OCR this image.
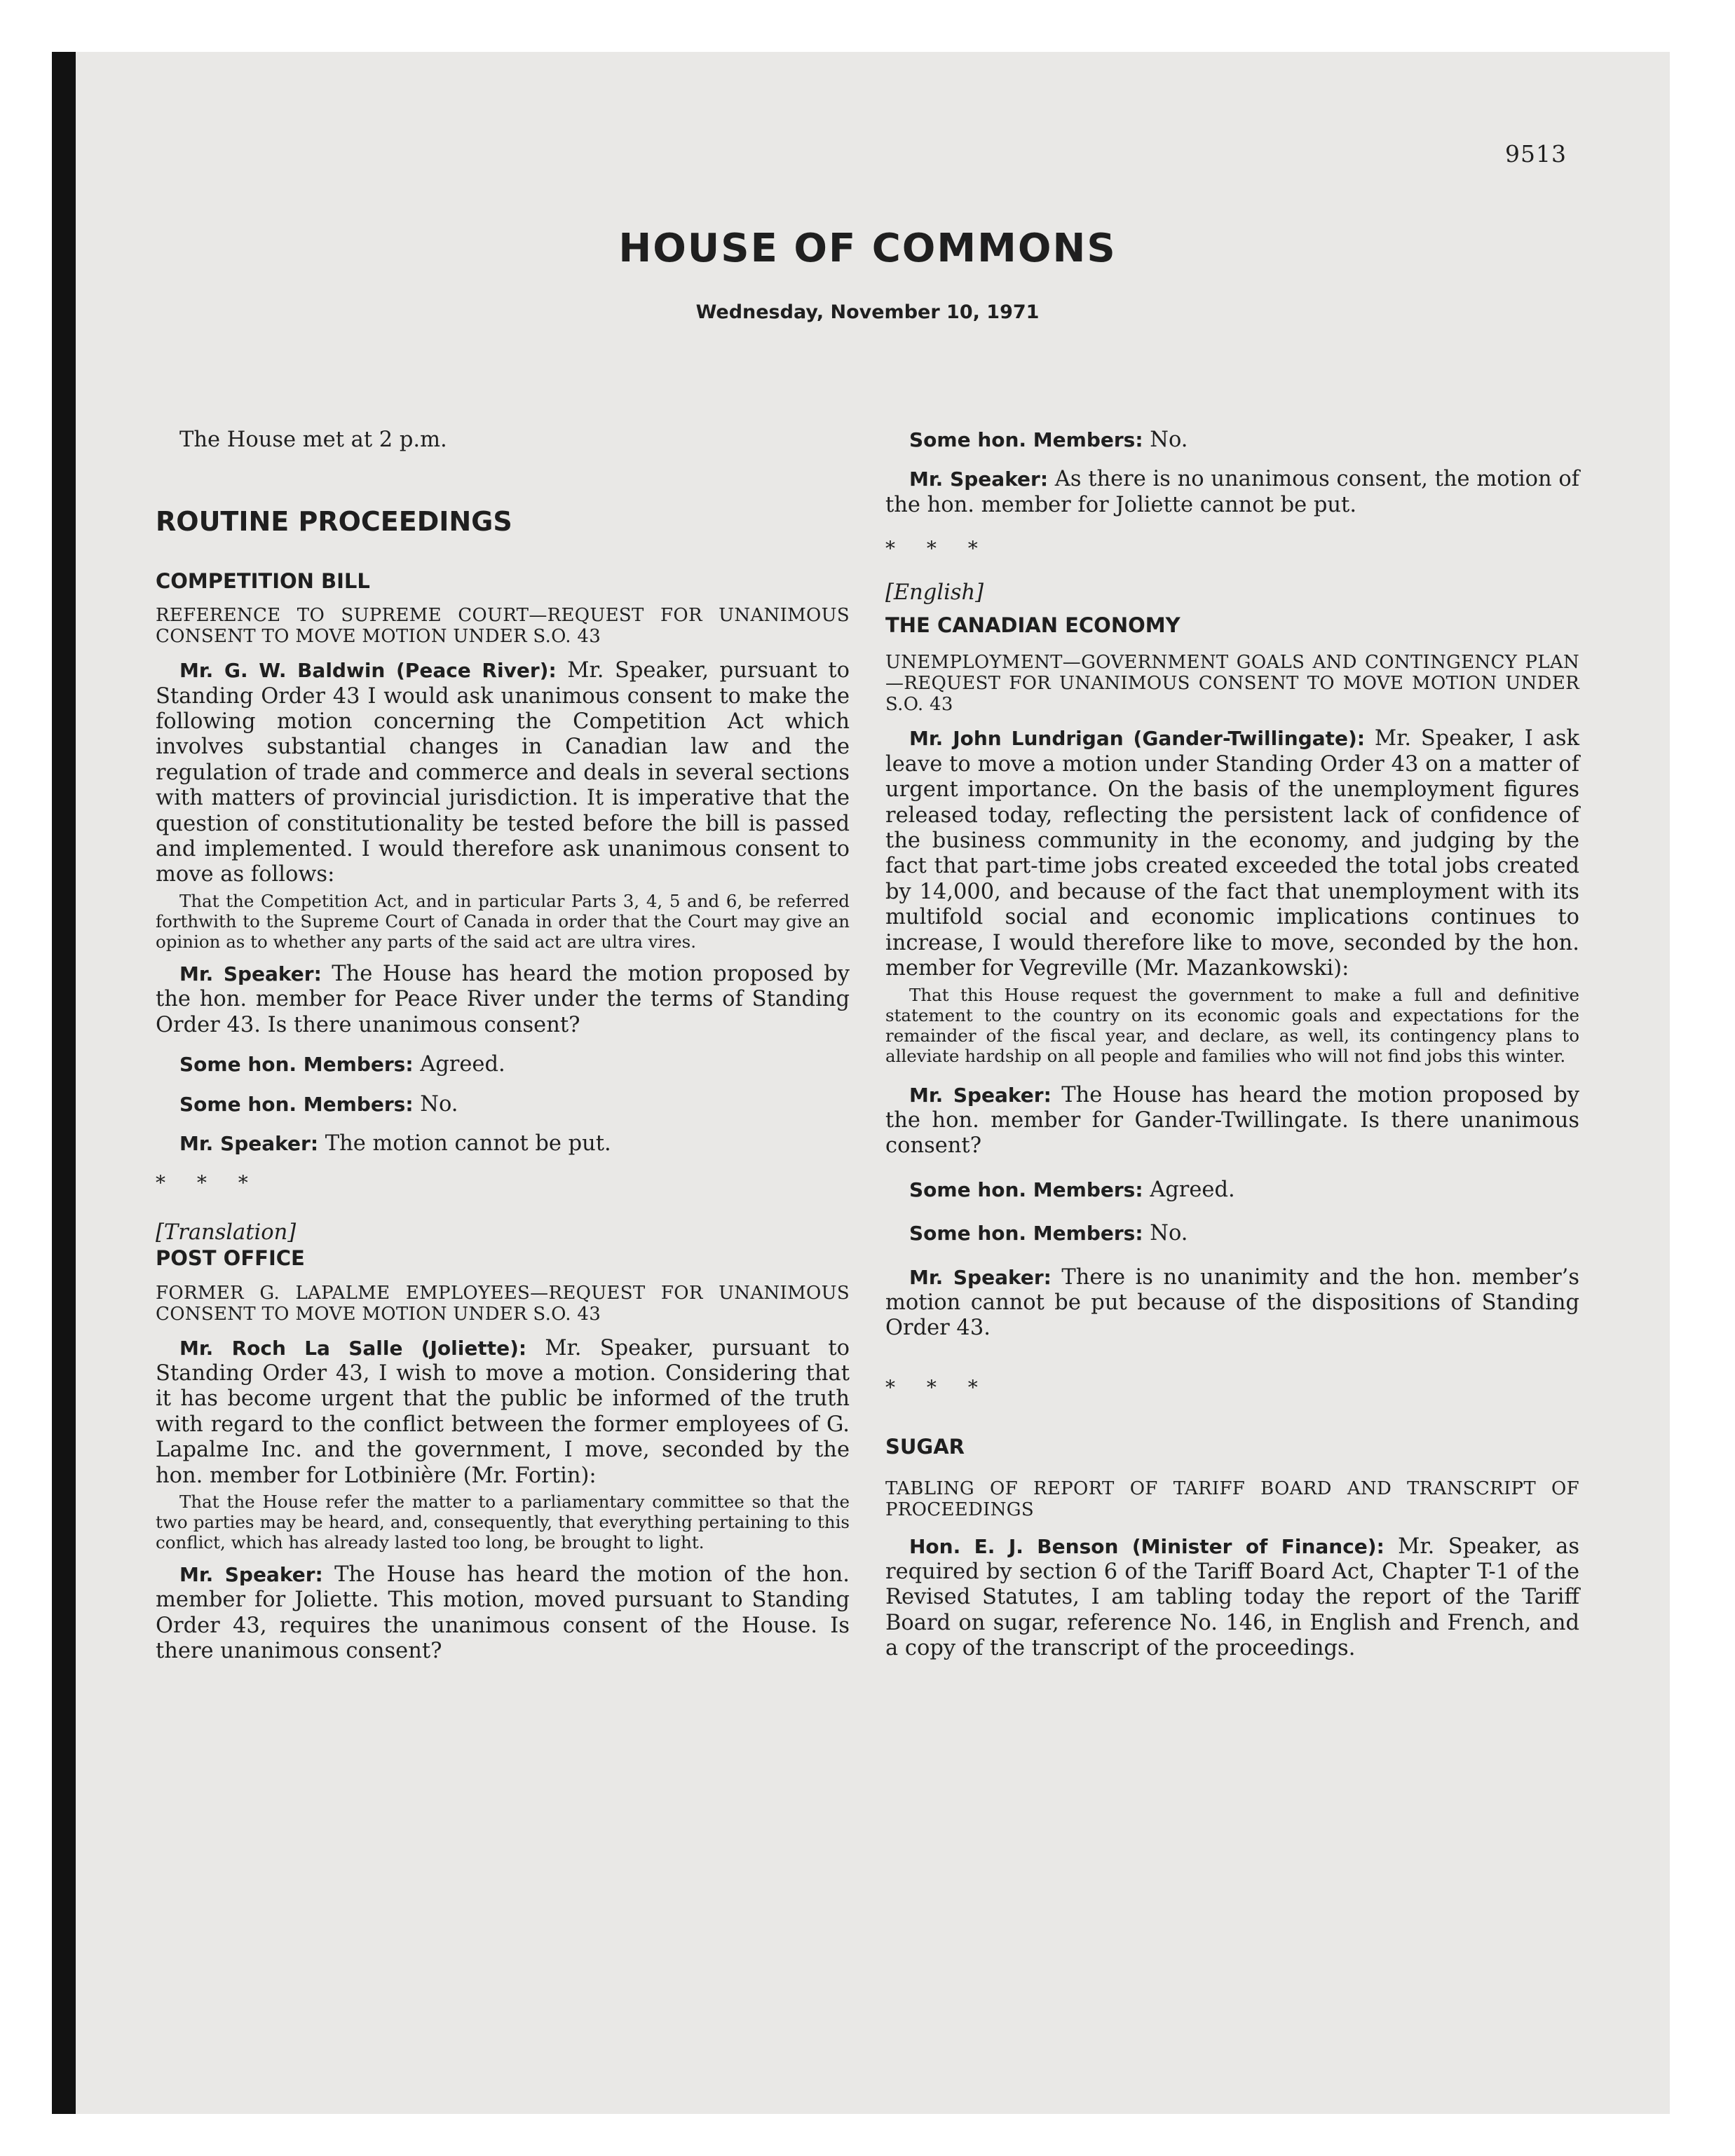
9513
HOUSE OF COMMONS
Wednesday, November 10, 1971

The House met at 2 p.m.

ROUTINE PROCEEDINGS

COMPETITION BILL

REFERENCE TO SUPREME COURT—REQUEST FOR UNANIMOUS CONSENT TO MOVE MOTION UNDER S.O. 43

Mr. G. W. Baldwin (Peace River): Mr. Speaker, pursuant to Standing Order 43 I would ask unanimous consent to make the following motion concerning the Competition Act which involves substantial changes in Canadian law and the regulation of trade and commerce and deals in several sections with matters of provincial jurisdiction. It is imperative that the question of constitutionality be tested before the bill is passed and implemented. I would therefore ask unanimous consent to move as follows:

That the Competition Act, and in particular Parts 3, 4, 5 and 6, be referred forthwith to the Supreme Court of Canada in order that the Court may give an opinion as to whether any parts of the said act are ultra vires.

Mr. Speaker: The House has heard the motion proposed by the hon. member for Peace River under the terms of Standing Order 43. Is there unanimous consent?

Some hon. Members: Agreed.

Some hon. Members: No.

Mr. Speaker: The motion cannot be put.

* * *

[Translation]

POST OFFICE

FORMER G. LAPALME EMPLOYEES—REQUEST FOR UNANIMOUS CONSENT TO MOVE MOTION UNDER S.O. 43

Mr. Roch La Salle (Joliette): Mr. Speaker, pursuant to Standing Order 43, I wish to move a motion. Considering that it has become urgent that the public be informed of the truth with regard to the conflict between the former employees of G. Lapalme Inc. and the government, I move, seconded by the hon. member for Lotbinière (Mr. Fortin):

That the House refer the matter to a parliamentary committee so that the two parties may be heard, and, consequently, that everything pertaining to this conflict, which has already lasted too long, be brought to light.

Mr. Speaker: The House has heard the motion of the hon. member for Joliette. This motion, moved pursuant to Standing Order 43, requires the unanimous consent of the House. Is there unanimous consent?

Some hon. Members: No.

Mr. Speaker: As there is no unanimous consent, the motion of the hon. member for Joliette cannot be put.

* * *

[English]

THE CANADIAN ECONOMY

UNEMPLOYMENT—GOVERNMENT GOALS AND CONTINGENCY PLAN—REQUEST FOR UNANIMOUS CONSENT TO MOVE MOTION UNDER S.O. 43

Mr. John Lundrigan (Gander-Twillingate): Mr. Speaker, I ask leave to move a motion under Standing Order 43 on a matter of urgent importance. On the basis of the unemployment figures released today, reflecting the persistent lack of confidence of the business community in the economy, and judging by the fact that part-time jobs created exceeded the total jobs created by 14,000, and because of the fact that unemployment with its multifold social and economic implications continues to increase, I would therefore like to move, seconded by the hon. member for Vegreville (Mr. Mazankowski):

That this House request the government to make a full and definitive statement to the country on its economic goals and expectations for the remainder of the fiscal year, and declare, as well, its contingency plans to alleviate hardship on all people and families who will not find jobs this winter.

Mr. Speaker: The House has heard the motion proposed by the hon. member for Gander-Twillingate. Is there unanimous consent?

Some hon. Members: Agreed.

Some hon. Members: No.

Mr. Speaker: There is no unanimity and the hon. member’s motion cannot be put because of the dispositions of Standing Order 43.

* * *

SUGAR

TABLING OF REPORT OF TARIFF BOARD AND TRANSCRIPT OF PROCEEDINGS

Hon. E. J. Benson (Minister of Finance): Mr. Speaker, as required by section 6 of the Tariff Board Act, Chapter T-1 of the Revised Statutes, I am tabling today the report of the Tariff Board on sugar, reference No. 146, in English and French, and a copy of the transcript of the proceedings.
